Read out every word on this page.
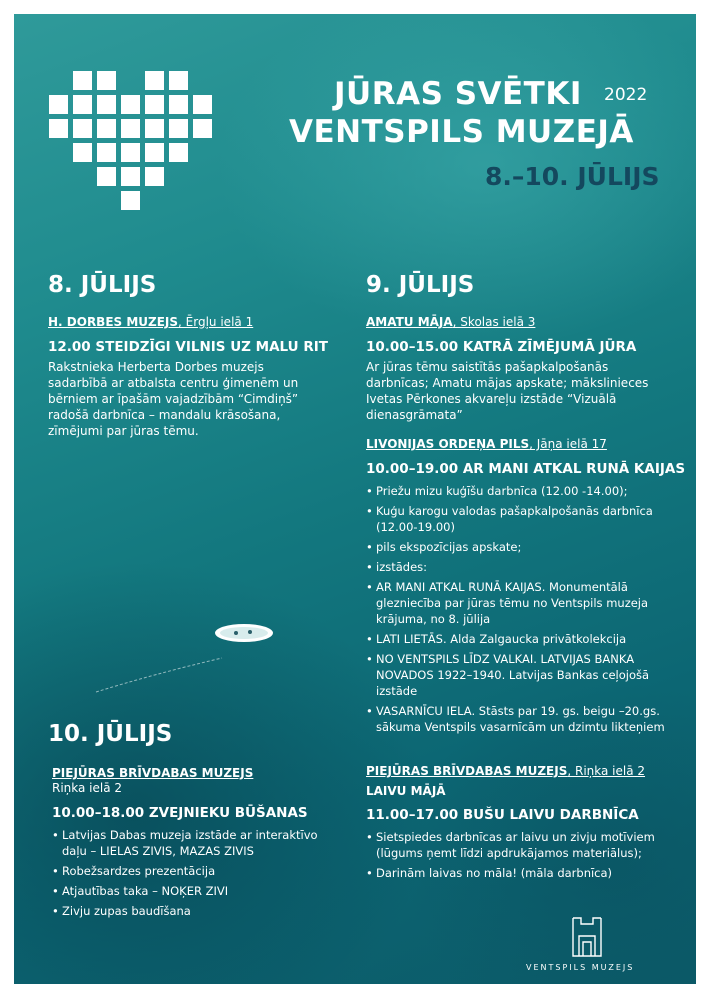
JŪRAS SVĒTKI 2022
VENTSPILS MUZEJĀ
8.–10. JŪLIJS
8. JŪLIJS
H. DORBES MUZEJS, Ērgļu ielā 1
12.00 STEIDZĪGI VILNIS UZ MALU RIT
Rakstnieka Herberta Dorbes muzejs sadarbībā ar atbalsta centru ģimenēm un bērniem ar īpašām vajadzībām “Cimdiņš” radošā darbnīca – mandalu krāsošana, zīmējumi par jūras tēmu.
9. JŪLIJS
AMATU MĀJA, Skolas ielā 3
10.00–15.00 KATRĀ ZĪMĒJUMĀ JŪRA
Ar jūras tēmu saistītās pašapkalpošanās darbnīcas; Amatu mājas apskate; mākslinieces Ivetas Pērkones akvareļu izstāde “Vizuālā dienasgrāmata”
LIVONIJAS ORDEŅA PILS, Jāņa ielā 17
10.00–19.00 AR MANI ATKAL RUNĀ KAIJAS
• Priežu mizu kuģīšu darbnīca (12.00 -14.00);
• Kuģu karogu valodas pašapkalpošanās darbnīca (12.00-19.00)
• pils ekspozīcijas apskate;
• izstādes:
• AR MANI ATKAL RUNĀ KAIJAS. Monumentālā glezniecība par jūras tēmu no Ventspils muzeja krājuma, no 8. jūlija
• LATI LIETĀS. Alda Zalgaucka privātkolekcija
• NO VENTSPILS LĪDZ VALKAI. LATVIJAS BANKA NOVADOS 1922–1940. Latvijas Bankas ceļojošā izstāde
• VASARNĪCU IELA. Stāsts par 19. gs. beigu –20.gs. sākuma Ventspils vasarnīcām un dzimtu likteņiem
PIEJŪRAS BRĪVDABAS MUZEJS, Riņka ielā 2
LAIVU MĀJĀ
11.00–17.00 BUŠU LAIVU DARBNĪCA
• Sietspiedes darbnīcas ar laivu un zivju motīviem (lūgums ņemt līdzi apdrukājamos materiālus);
• Darinām laivas no māla! (māla darbnīca)
10. JŪLIJS
PIEJŪRAS BRĪVDABAS MUZEJS
Riņka ielā 2
10.00–18.00 ZVEJNIEKU BŪŠANAS
• Latvijas Dabas muzeja izstāde ar interaktīvo daļu – LIELAS ZIVIS, MAZAS ZIVIS
• Robežsardzes prezentācija
• Atjautības taka – NOĶER ZIVI
• Zivju zupas baudīšana
VENTSPILS MUZEJS
